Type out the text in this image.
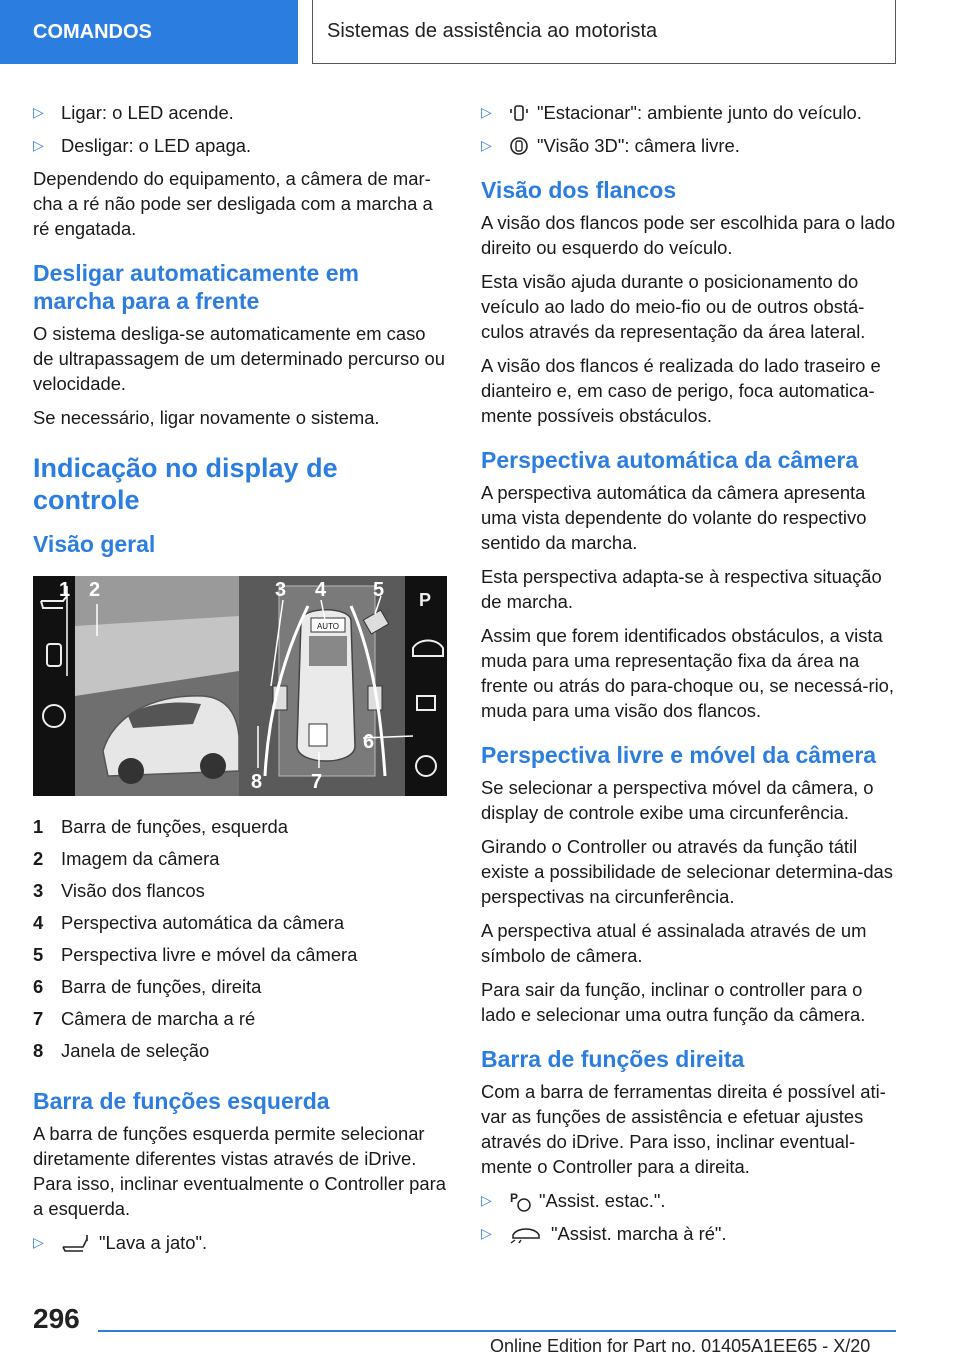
COMANDOS	Sistemas de assistência ao motorista
▷ Ligar: o LED acende.
▷ Desligar: o LED apaga.

Dependendo do equipamento, a câmera de mar-cha a ré não pode ser desligada com a marcha a ré engatada.

Desligar automaticamente em marcha para a frente

O sistema desliga-se automaticamente em caso de ultrapassagem de um determinado percurso ou velocidade.

Se necessário, ligar novamente o sistema.

Indicação no display de controle
Visão geral
AUTO
P
1 2	3 4 5
6
7
8
1 Barra de funções, esquerda
2 Imagem da câmera
3 Visão dos flancos
4 Perspectiva automática da câmera
5 Perspectiva livre e móvel da câmera
6 Barra de funções, direita
7 Câmera de marcha a ré
8 Janela de seleção
Barra de funções esquerda

A barra de funções esquerda permite selecionar diretamente diferentes vistas através de iDrive. Para isso, inclinar eventualmente o Controller para a esquerda.

▷	"Lava a jato".
▷	"Estacionar": ambiente junto do veículo.
▷	"Visão 3D": câmera livre.
Visão dos flancos

A visão dos flancos pode ser escolhida para o lado direito ou esquerdo do veículo.

Esta visão ajuda durante o posicionamento do veículo ao lado do meio-fio ou de outros obstá-culos através da representação da área lateral.

A visão dos flancos é realizada do lado traseiro e dianteiro e, em caso de perigo, foca automatica-mente possíveis obstáculos.

Perspectiva automática da câmera

A perspectiva automática da câmera apresenta uma vista dependente do volante do respectivo sentido da marcha.

Esta perspectiva adapta-se à respectiva situação de marcha.

Assim que forem identificados obstáculos, a vista muda para uma representação fixa da área na frente ou atrás do para-choque ou, se necessá-rio, muda para uma visão dos flancos.

Perspectiva livre e móvel da câmera

Se selecionar a perspectiva móvel da câmera, o display de controle exibe uma circunferência.

Girando o Controller ou através da função tátil existe a possibilidade de selecionar determina-das perspectivas na circunferência.

A perspectiva atual é assinalada através de um símbolo de câmera.

Para sair da função, inclinar o controller para o lado e selecionar uma outra função da câmera.

Barra de funções direita

Com a barra de ferramentas direita é possível ati-var as funções de assistência e efetuar ajustes através do iDrive. Para isso, inclinar eventual-mente o Controller para a direita.

▷	P "Assist. estac.".
▷	"Assist. marcha à ré".
296
Online Edition for Part no. 01405A1EE65 - X/20
